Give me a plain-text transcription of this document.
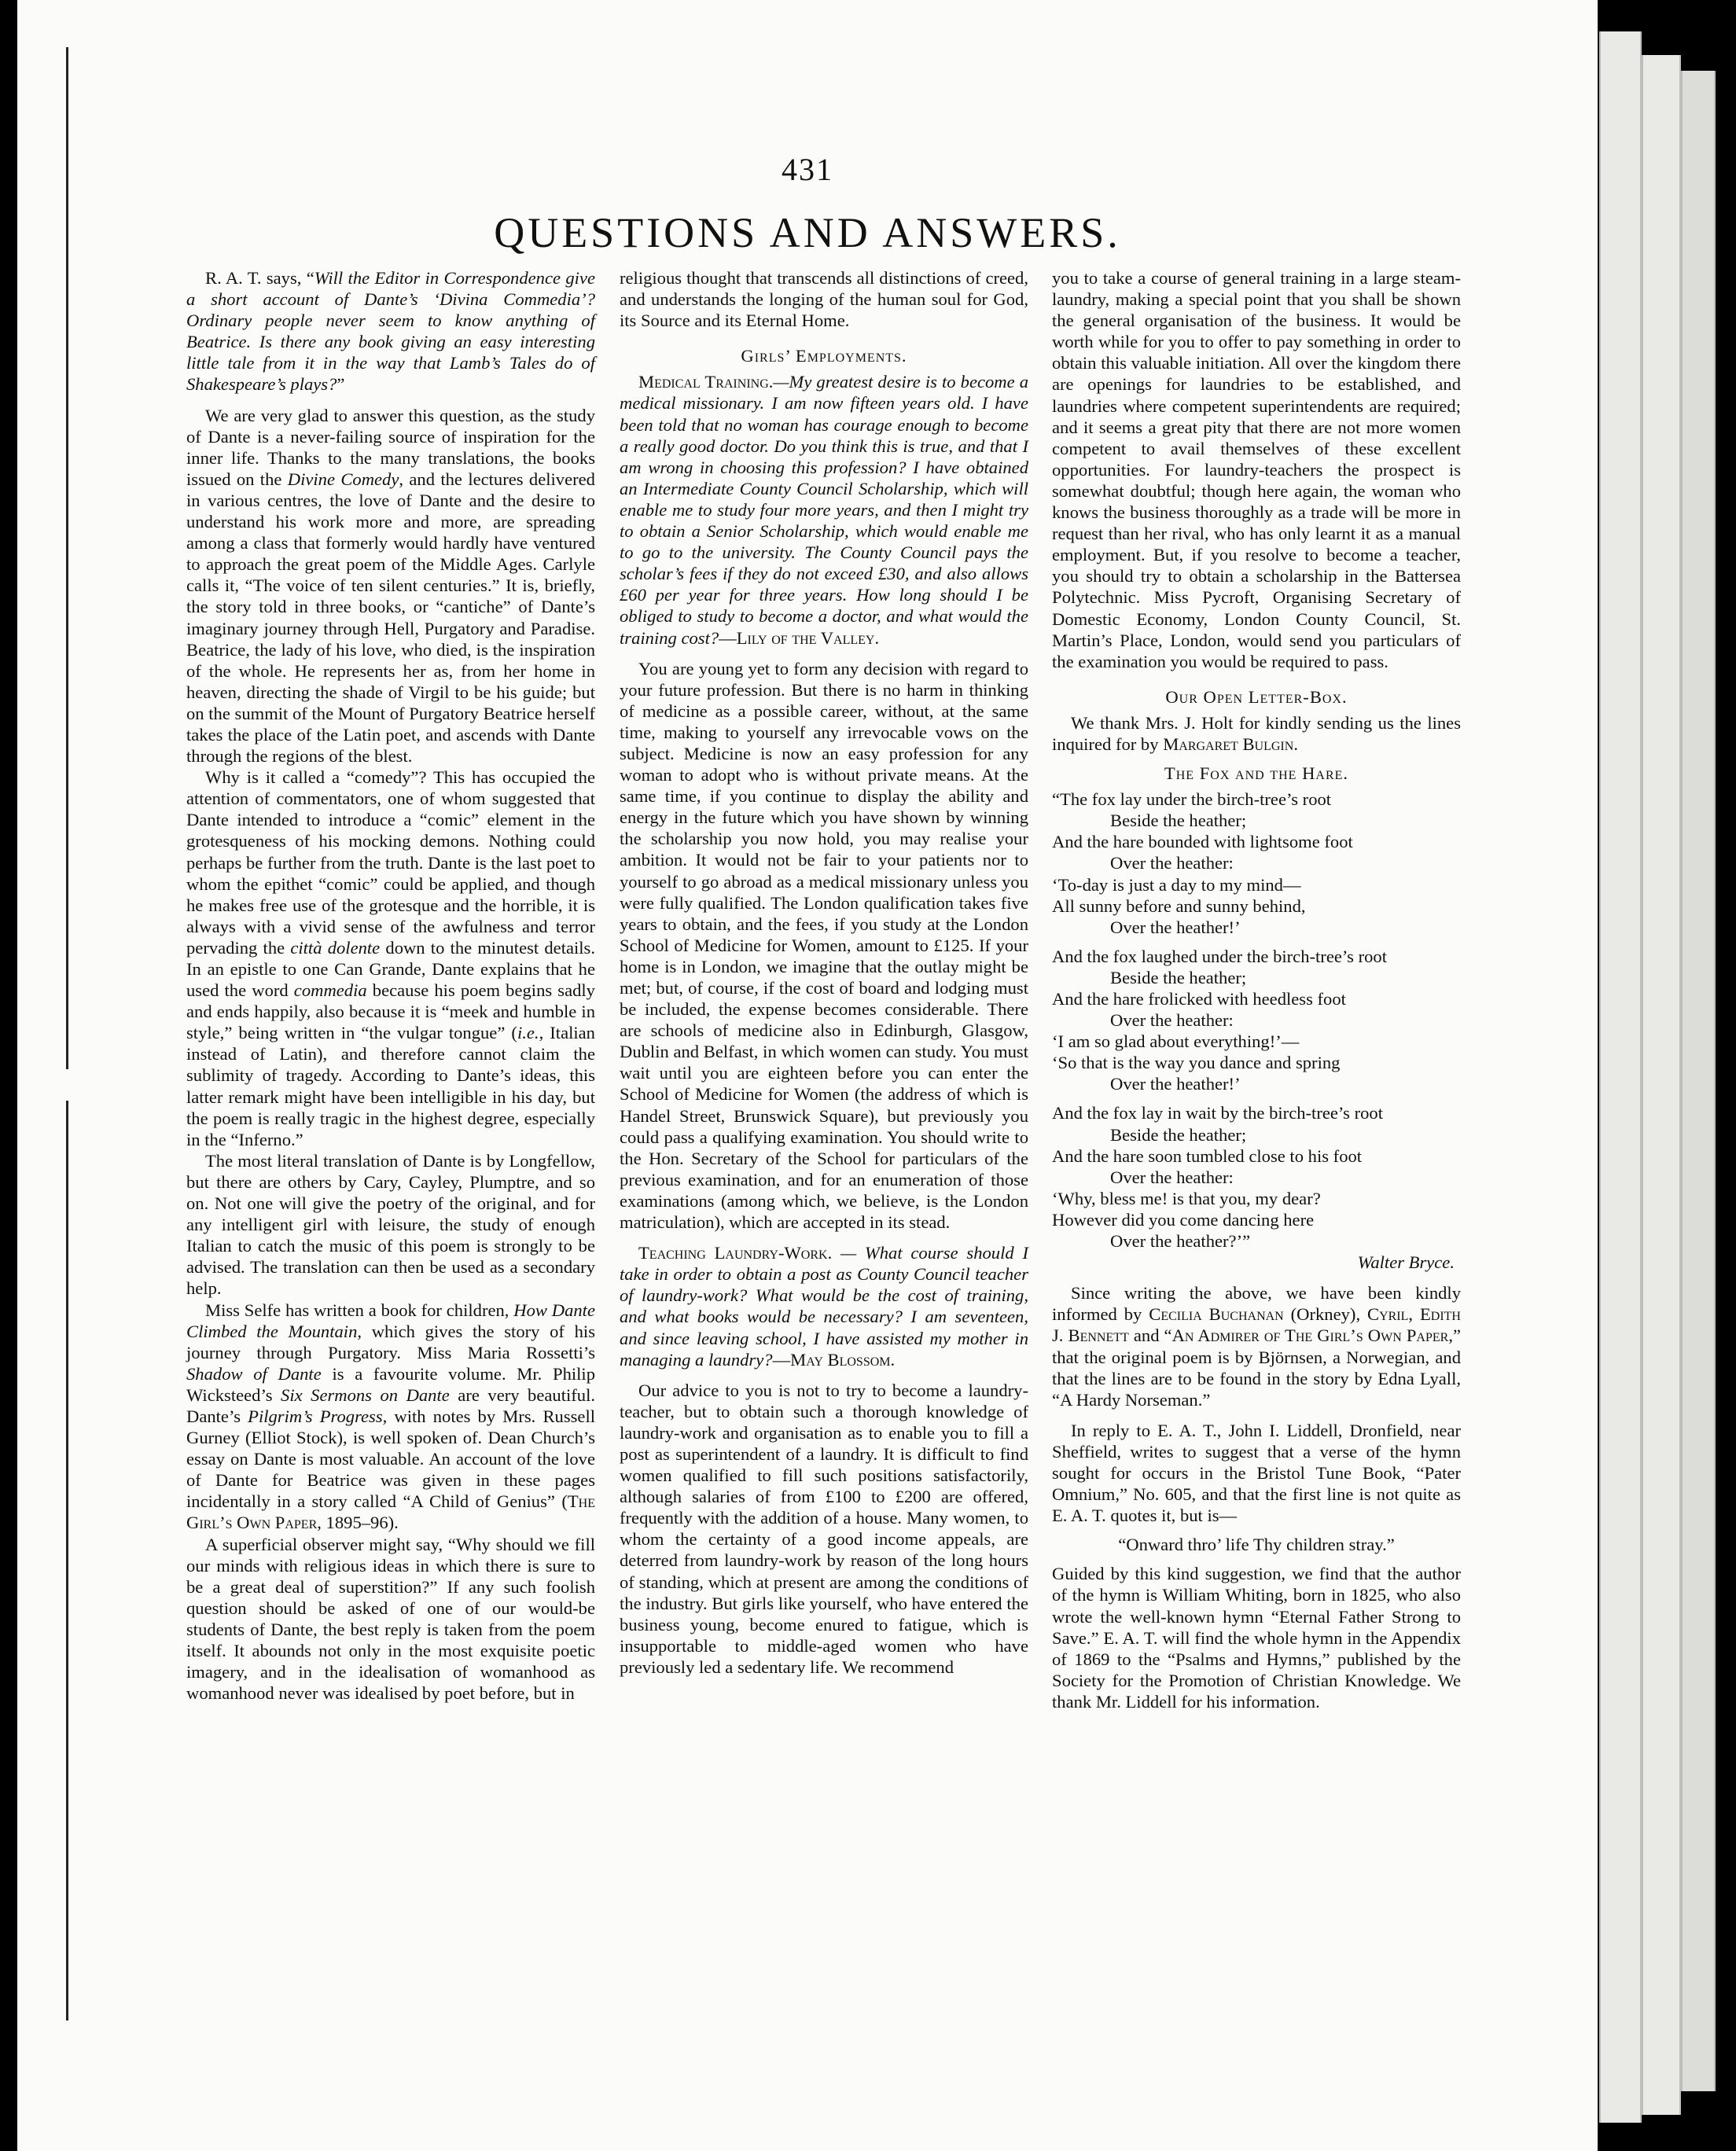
431
QUESTIONS AND ANSWERS.

R. A. T. says, “Will the Editor in Correspondence give a short account of Dante’s ‘Divina Commedia’? Ordinary people never seem to know anything of Beatrice. Is there any book giving an easy interesting little tale from it in the way that Lamb’s Tales do of Shakespeare’s plays?”

We are very glad to answer this question, as the study of Dante is a never-failing source of inspiration for the inner life. Thanks to the many translations, the books issued on the Divine Comedy, and the lectures delivered in various centres, the love of Dante and the desire to understand his work more and more, are spreading among a class that formerly would hardly have ventured to approach the great poem of the Middle Ages. Carlyle calls it, “The voice of ten silent centuries.” It is, briefly, the story told in three books, or “cantiche” of Dante’s imaginary journey through Hell, Purgatory and Paradise. Beatrice, the lady of his love, who died, is the inspiration of the whole. He represents her as, from her home in heaven, directing the shade of Virgil to be his guide; but on the summit of the Mount of Purgatory Beatrice herself takes the place of the Latin poet, and ascends with Dante through the regions of the blest.

Why is it called a “comedy”? This has occupied the attention of commentators, one of whom suggested that Dante intended to introduce a “comic” element in the grotesqueness of his mocking demons. Nothing could perhaps be further from the truth. Dante is the last poet to whom the epithet “comic” could be applied, and though he makes free use of the grotesque and the horrible, it is always with a vivid sense of the awfulness and terror pervading the città dolente down to the minutest details. In an epistle to one Can Grande, Dante explains that he used the word commedia because his poem begins sadly and ends happily, also because it is “meek and humble in style,” being written in “the vulgar tongue” (i.e., Italian instead of Latin), and therefore cannot claim the sublimity of tragedy. According to Dante’s ideas, this latter remark might have been intelligible in his day, but the poem is really tragic in the highest degree, especially in the “Inferno.”

The most literal translation of Dante is by Longfellow, but there are others by Cary, Cayley, Plumptre, and so on. Not one will give the poetry of the original, and for any intelligent girl with leisure, the study of enough Italian to catch the music of this poem is strongly to be advised. The translation can then be used as a secondary help.

Miss Selfe has written a book for children, How Dante Climbed the Mountain, which gives the story of his journey through Purgatory. Miss Maria Rossetti’s Shadow of Dante is a favourite volume. Mr. Philip Wicksteed’s Six Sermons on Dante are very beautiful. Dante’s Pilgrim’s Progress, with notes by Mrs. Russell Gurney (Elliot Stock), is well spoken of. Dean Church’s essay on Dante is most valuable. An account of the love of Dante for Beatrice was given in these pages incidentally in a story called “A Child of Genius” (The Girl’s Own Paper, 1895–96).

A superficial observer might say, “Why should we fill our minds with religious ideas in which there is sure to be a great deal of superstition?” If any such foolish question should be asked of one of our would-be students of Dante, the best reply is taken from the poem itself. It abounds not only in the most exquisite poetic imagery, and in the idealisation of womanhood as womanhood never was idealised by poet before, but in

religious thought that transcends all distinctions of creed, and understands the longing of the human soul for God, its Source and its Eternal Home.

Girls’ Employments.

Medical Training.—My greatest desire is to become a medical missionary. I am now fifteen years old. I have been told that no woman has courage enough to become a really good doctor. Do you think this is true, and that I am wrong in choosing this profession? I have obtained an Intermediate County Council Scholarship, which will enable me to study four more years, and then I might try to obtain a Senior Scholarship, which would enable me to go to the university. The County Council pays the scholar’s fees if they do not exceed £30, and also allows £60 per year for three years. How long should I be obliged to study to become a doctor, and what would the training cost?—Lily of the Valley.

You are young yet to form any decision with regard to your future profession. But there is no harm in thinking of medicine as a possible career, without, at the same time, making to yourself any irrevocable vows on the subject. Medicine is now an easy profession for any woman to adopt who is without private means. At the same time, if you continue to display the ability and energy in the future which you have shown by winning the scholarship you now hold, you may realise your ambition. It would not be fair to your patients nor to yourself to go abroad as a medical missionary unless you were fully qualified. The London qualification takes five years to obtain, and the fees, if you study at the London School of Medicine for Women, amount to £125. If your home is in London, we imagine that the outlay might be met; but, of course, if the cost of board and lodging must be included, the expense becomes considerable. There are schools of medicine also in Edinburgh, Glasgow, Dublin and Belfast, in which women can study. You must wait until you are eighteen before you can enter the School of Medicine for Women (the address of which is Handel Street, Brunswick Square), but previously you could pass a qualifying examination. You should write to the Hon. Secretary of the School for particulars of the previous examination, and for an enumeration of those examinations (among which, we believe, is the London matriculation), which are accepted in its stead.

Teaching Laundry-Work. — What course should I take in order to obtain a post as County Council teacher of laundry-work? What would be the cost of training, and what books would be necessary? I am seventeen, and since leaving school, I have assisted my mother in managing a laundry?—May Blossom.

Our advice to you is not to try to become a laundry-teacher, but to obtain such a thorough knowledge of laundry-work and organisation as to enable you to fill a post as superintendent of a laundry. It is difficult to find women qualified to fill such positions satisfactorily, although salaries of from £100 to £200 are offered, frequently with the addition of a house. Many women, to whom the certainty of a good income appeals, are deterred from laundry-work by reason of the long hours of standing, which at present are among the conditions of the industry. But girls like yourself, who have entered the business young, become enured to fatigue, which is insupportable to middle-aged women who have previously led a sedentary life. We recommend

you to take a course of general training in a large steam-laundry, making a special point that you shall be shown the general organisation of the business. It would be worth while for you to offer to pay something in order to obtain this valuable initiation. All over the kingdom there are openings for laundries to be established, and laundries where competent superintendents are required; and it seems a great pity that there are not more women competent to avail themselves of these excellent opportunities. For laundry-teachers the prospect is somewhat doubtful; though here again, the woman who knows the business thoroughly as a trade will be more in request than her rival, who has only learnt it as a manual employment. But, if you resolve to become a teacher, you should try to obtain a scholarship in the Battersea Polytechnic. Miss Pycroft, Organising Secretary of Domestic Economy, London County Council, St. Martin’s Place, London, would send you particulars of the examination you would be required to pass.

Our Open Letter-Box.

We thank Mrs. J. Holt for kindly sending us the lines inquired for by Margaret Bulgin.

The Fox and the Hare.
“The fox lay under the birch-tree’s root
Beside the heather;
And the hare bounded with lightsome foot
Over the heather:
‘To-day is just a day to my mind—
All sunny before and sunny behind,
Over the heather!’
And the fox laughed under the birch-tree’s root
Beside the heather;
And the hare frolicked with heedless foot
Over the heather:
‘I am so glad about everything!’—
‘So that is the way you dance and spring
Over the heather!’
And the fox lay in wait by the birch-tree’s root
Beside the heather;
And the hare soon tumbled close to his foot
Over the heather:
‘Why, bless me! is that you, my dear?
However did you come dancing here
Over the heather?’”
Walter Bryce.

Since writing the above, we have been kindly informed by Cecilia Buchanan (Orkney), Cyril, Edith J. Bennett and “An Admirer of The Girl’s Own Paper,” that the original poem is by Björnsen, a Norwegian, and that the lines are to be found in the story by Edna Lyall, “A Hardy Norseman.”

In reply to E. A. T., John I. Liddell, Dronfield, near Sheffield, writes to suggest that a verse of the hymn sought for occurs in the Bristol Tune Book, “Pater Omnium,” No. 605, and that the first line is not quite as E. A. T. quotes it, but is—

“Onward thro’ life Thy children stray.”

Guided by this kind suggestion, we find that the author of the hymn is William Whiting, born in 1825, who also wrote the well-known hymn “Eternal Father Strong to Save.” E. A. T. will find the whole hymn in the Appendix of 1869 to the “Psalms and Hymns,” published by the Society for the Promotion of Christian Knowledge. We thank Mr. Liddell for his information.
